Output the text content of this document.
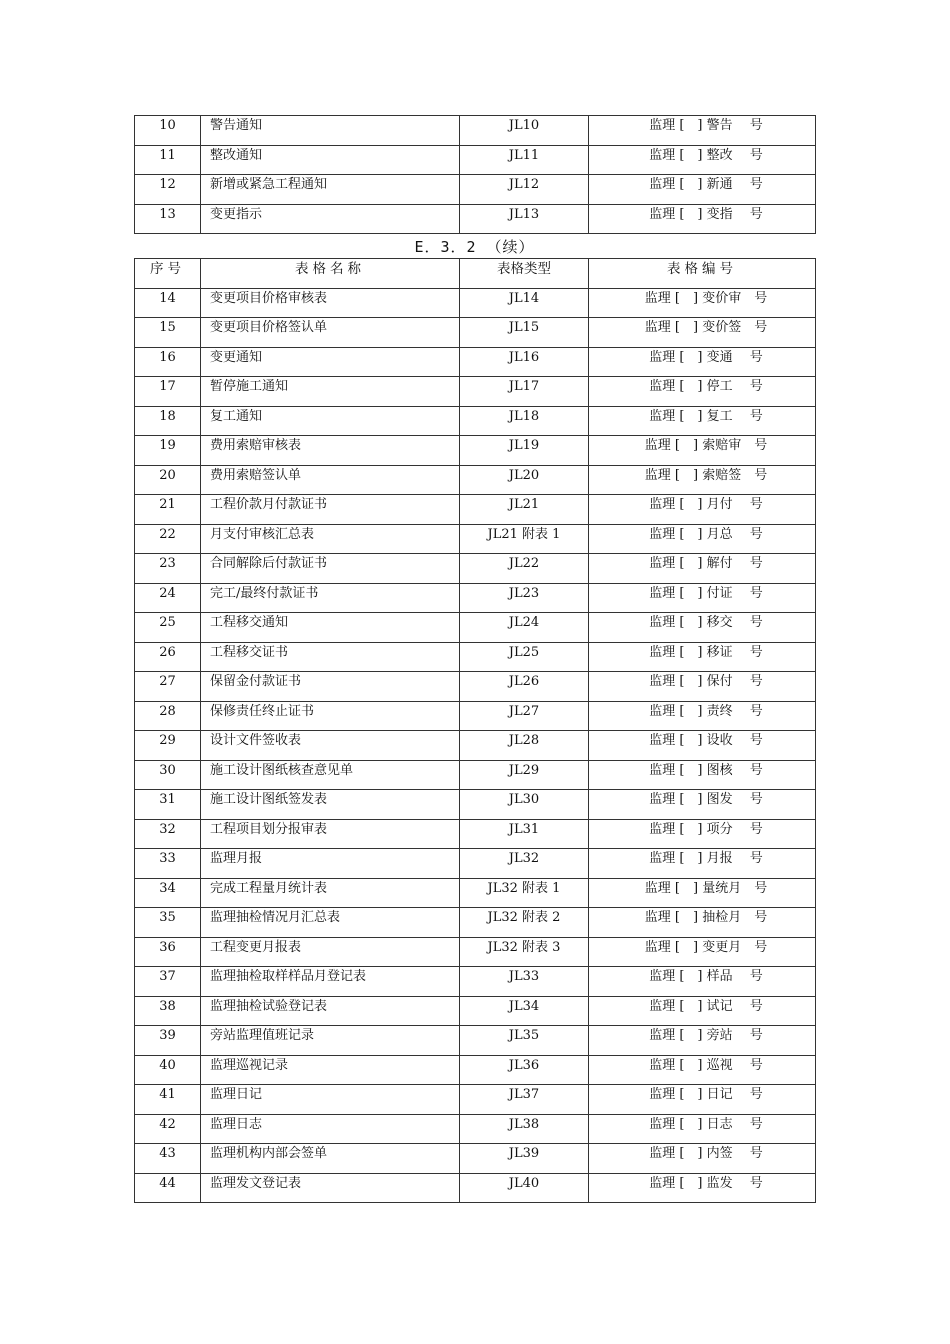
10	警告通知	JL10	监理 [　] 警告　 号
11	整改通知	JL11	监理 [　] 整改　 号
12	新增或紧急工程通知	JL12	监理 [　] 新通　 号
13	变更指示	JL13	监理 [　] 变指　 号
E．3．2 （续）
序号	表格名称	表格类型	表格编号
14	变更项目价格审核表	JL14	监理 [　] 变价审　号
15	变更项目价格签认单	JL15	监理 [　] 变价签　号
16	变更通知	JL16	监理 [　] 变通　 号
17	暂停施工通知	JL17	监理 [　] 停工　 号
18	复工通知	JL18	监理 [　] 复工　 号
19	费用索赔审核表	JL19	监理 [　] 索赔审　号
20	费用索赔签认单	JL20	监理 [　] 索赔签　号
21	工程价款月付款证书	JL21	监理 [　] 月付　 号
22	月支付审核汇总表	JL21 附表 1	监理 [　] 月总　 号
23	合同解除后付款证书	JL22	监理 [　] 解付　 号
24	完工/最终付款证书	JL23	监理 [　] 付证　 号
25	工程移交通知	JL24	监理 [　] 移交　 号
26	工程移交证书	JL25	监理 [　] 移证　 号
27	保留金付款证书	JL26	监理 [　] 保付　 号
28	保修责任终止证书	JL27	监理 [　] 责终　 号
29	设计文件签收表	JL28	监理 [　] 设收　 号
30	施工设计图纸核查意见单	JL29	监理 [　] 图核　 号
31	施工设计图纸签发表	JL30	监理 [　] 图发　 号
32	工程项目划分报审表	JL31	监理 [　] 项分　 号
33	监理月报	JL32	监理 [　] 月报　 号
34	完成工程量月统计表	JL32 附表 1	监理 [　] 量统月　号
35	监理抽检情况月汇总表	JL32 附表 2	监理 [　] 抽检月　号
36	工程变更月报表	JL32 附表 3	监理 [　] 变更月　号
37	监理抽检取样样品月登记表	JL33	监理 [　] 样品　 号
38	监理抽检试验登记表	JL34	监理 [　] 试记　 号
39	旁站监理值班记录	JL35	监理 [　] 旁站　 号
40	监理巡视记录	JL36	监理 [　] 巡视　 号
41	监理日记	JL37	监理 [　] 日记　 号
42	监理日志	JL38	监理 [　] 日志　 号
43	监理机构内部会签单	JL39	监理 [　] 内签　 号
44	监理发文登记表	JL40	监理 [　] 监发　 号
